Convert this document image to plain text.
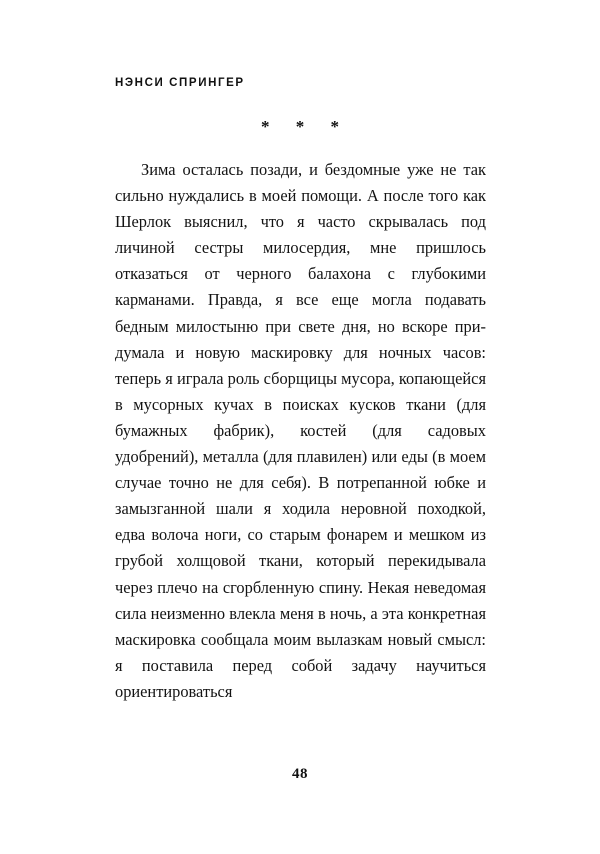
НЭНСИ СПРИНГЕР
* * *

Зима осталась позади, и бездомные уже не так сильно нуждались в моей помощи. А после того как Шерлок выяснил, что я часто скрывалась под личиной сестры милосердия, мне пришлось отказаться от черного балахона с глубокими карманами. Правда, я все еще могла подавать бедным милостыню при свете дня, но вскоре придумала и новую маскировку для ночных часов: теперь я играла роль сборщицы мусора, копающейся в мусорных кучах в поисках кусков ткани (для бумажных фабрик), костей (для садовых удобрений), металла (для плавилен) или еды (в моем случае точно не для себя). В потрепанной юбке и замызганной шали я ходила неровной походкой, едва волоча ноги, со старым фонарем и мешком из грубой холщовой ткани, который перекидывала через плечо на сгорбленную спину. Некая неведомая сила неизменно влекла меня в ночь, а эта конкретная маскировка сообщала моим вылазкам новый смысл: я поставила перед собой задачу научиться ориентироваться

48
